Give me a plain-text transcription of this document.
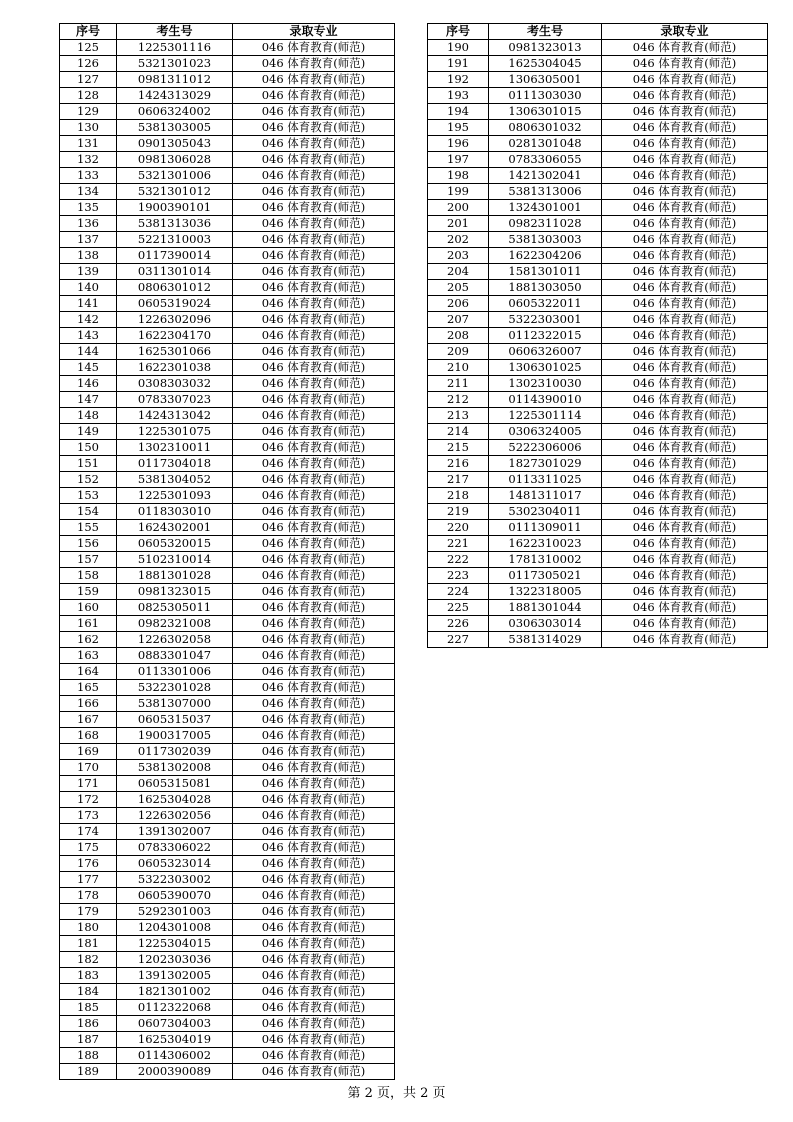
序号	考生号	录取专业
125	1225301116	046 体育教育(师范)
126	5321301023	046 体育教育(师范)
127	0981311012	046 体育教育(师范)
128	1424313029	046 体育教育(师范)
129	0606324002	046 体育教育(师范)
130	5381303005	046 体育教育(师范)
131	0901305043	046 体育教育(师范)
132	0981306028	046 体育教育(师范)
133	5321301006	046 体育教育(师范)
134	5321301012	046 体育教育(师范)
135	1900390101	046 体育教育(师范)
136	5381313036	046 体育教育(师范)
137	5221310003	046 体育教育(师范)
138	0117390014	046 体育教育(师范)
139	0311301014	046 体育教育(师范)
140	0806301012	046 体育教育(师范)
141	0605319024	046 体育教育(师范)
142	1226302096	046 体育教育(师范)
143	1622304170	046 体育教育(师范)
144	1625301066	046 体育教育(师范)
145	1622301038	046 体育教育(师范)
146	0308303032	046 体育教育(师范)
147	0783307023	046 体育教育(师范)
148	1424313042	046 体育教育(师范)
149	1225301075	046 体育教育(师范)
150	1302310011	046 体育教育(师范)
151	0117304018	046 体育教育(师范)
152	5381304052	046 体育教育(师范)
153	1225301093	046 体育教育(师范)
154	0118303010	046 体育教育(师范)
155	1624302001	046 体育教育(师范)
156	0605320015	046 体育教育(师范)
157	5102310014	046 体育教育(师范)
158	1881301028	046 体育教育(师范)
159	0981323015	046 体育教育(师范)
160	0825305011	046 体育教育(师范)
161	0982321008	046 体育教育(师范)
162	1226302058	046 体育教育(师范)
163	0883301047	046 体育教育(师范)
164	0113301006	046 体育教育(师范)
165	5322301028	046 体育教育(师范)
166	5381307000	046 体育教育(师范)
167	0605315037	046 体育教育(师范)
168	1900317005	046 体育教育(师范)
169	0117302039	046 体育教育(师范)
170	5381302008	046 体育教育(师范)
171	0605315081	046 体育教育(师范)
172	1625304028	046 体育教育(师范)
173	1226302056	046 体育教育(师范)
174	1391302007	046 体育教育(师范)
175	0783306022	046 体育教育(师范)
176	0605323014	046 体育教育(师范)
177	5322303002	046 体育教育(师范)
178	0605390070	046 体育教育(师范)
179	5292301003	046 体育教育(师范)
180	1204301008	046 体育教育(师范)
181	1225304015	046 体育教育(师范)
182	1202303036	046 体育教育(师范)
183	1391302005	046 体育教育(师范)
184	1821301002	046 体育教育(师范)
185	0112322068	046 体育教育(师范)
186	0607304003	046 体育教育(师范)
187	1625304019	046 体育教育(师范)
188	0114306002	046 体育教育(师范)
189	2000390089	046 体育教育(师范)
序号	考生号	录取专业
190	0981323013	046 体育教育(师范)
191	1625304045	046 体育教育(师范)
192	1306305001	046 体育教育(师范)
193	0111303030	046 体育教育(师范)
194	1306301015	046 体育教育(师范)
195	0806301032	046 体育教育(师范)
196	0281301048	046 体育教育(师范)
197	0783306055	046 体育教育(师范)
198	1421302041	046 体育教育(师范)
199	5381313006	046 体育教育(师范)
200	1324301001	046 体育教育(师范)
201	0982311028	046 体育教育(师范)
202	5381303003	046 体育教育(师范)
203	1622304206	046 体育教育(师范)
204	1581301011	046 体育教育(师范)
205	1881303050	046 体育教育(师范)
206	0605322011	046 体育教育(师范)
207	5322303001	046 体育教育(师范)
208	0112322015	046 体育教育(师范)
209	0606326007	046 体育教育(师范)
210	1306301025	046 体育教育(师范)
211	1302310030	046 体育教育(师范)
212	0114390010	046 体育教育(师范)
213	1225301114	046 体育教育(师范)
214	0306324005	046 体育教育(师范)
215	5222306006	046 体育教育(师范)
216	1827301029	046 体育教育(师范)
217	0113311025	046 体育教育(师范)
218	1481311017	046 体育教育(师范)
219	5302304011	046 体育教育(师范)
220	0111309011	046 体育教育(师范)
221	1622310023	046 体育教育(师范)
222	1781310002	046 体育教育(师范)
223	0117305021	046 体育教育(师范)
224	1322318005	046 体育教育(师范)
225	1881301044	046 体育教育(师范)
226	0306303014	046 体育教育(师范)
227	5381314029	046 体育教育(师范)
第 2 页，共 2 页
